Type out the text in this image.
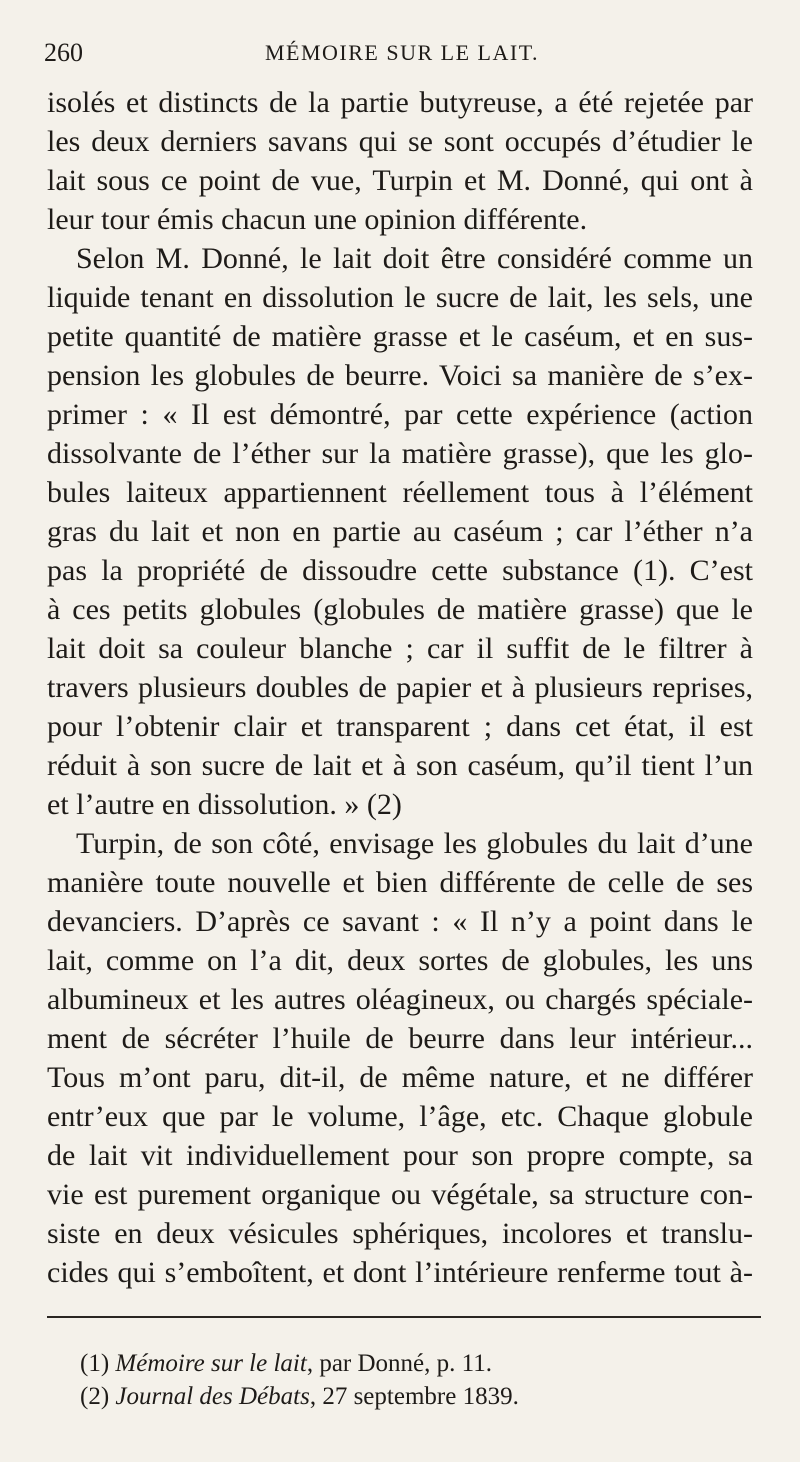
260	MÉMOIRE SUR LE LAIT.
isolés et distincts de la partie butyreuse, a été rejetée par
les deux derniers savans qui se sont occupés d’étudier le
lait sous ce point de vue, Turpin et M. Donné, qui ont à
leur tour émis chacun une opinion différente.
Selon M. Donné, le lait doit être considéré comme un
liquide tenant en dissolution le sucre de lait, les sels, une
petite quantité de matière grasse et le caséum, et en sus-
pension les globules de beurre. Voici sa manière de s’ex-
primer : « Il est démontré, par cette expérience (action
dissolvante de l’éther sur la matière grasse), que les glo-
bules laiteux appartiennent réellement tous à l’élément
gras du lait et non en partie au caséum ; car l’éther n’a
pas la propriété de dissoudre cette substance (1). C’est
à ces petits globules (globules de matière grasse) que le
lait doit sa couleur blanche ; car il suffit de le filtrer à
travers plusieurs doubles de papier et à plusieurs reprises,
pour l’obtenir clair et transparent ; dans cet état, il est
réduit à son sucre de lait et à son caséum, qu’il tient l’un
et l’autre en dissolution. » (2)
Turpin, de son côté, envisage les globules du lait d’une
manière toute nouvelle et bien différente de celle de ses
devanciers. D’après ce savant : « Il n’y a point dans le
lait, comme on l’a dit, deux sortes de globules, les uns
albumineux et les autres oléagineux, ou chargés spéciale-
ment de sécréter l’huile de beurre dans leur intérieur...
Tous m’ont paru, dit-il, de même nature, et ne différer
entr’eux que par le volume, l’âge, etc. Chaque globule
de lait vit individuellement pour son propre compte, sa
vie est purement organique ou végétale, sa structure con-
siste en deux vésicules sphériques, incolores et translu-
cides qui s’emboîtent, et dont l’intérieure renferme tout à-
(1) Mémoire sur le lait, par Donné, p. 11.
(2) Journal des Débats, 27 septembre 1839.
